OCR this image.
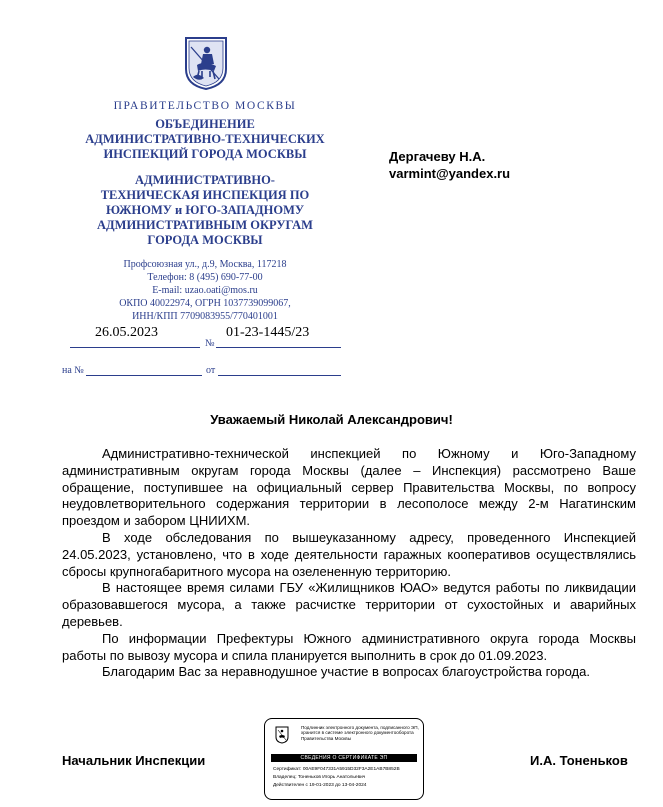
ПРАВИТЕЛЬСТВО МОСКВЫ
ОБЪЕДИНЕНИЕ
АДМИНИСТРАТИВНО-ТЕХНИЧЕСКИХ
ИНСПЕКЦИЙ ГОРОДА МОСКВЫ
АДМИНИСТРАТИВНО-
ТЕХНИЧЕСКАЯ ИНСПЕКЦИЯ ПО
ЮЖНОМУ и ЮГО-ЗАПАДНОМУ
АДМИНИСТРАТИВНЫМ ОКРУГАМ
ГОРОДА МОСКВЫ
Профсоюзная ул., д.9, Москва, 117218
Телефон: 8 (495) 690-77-00
E-mail: uzao.oati@mos.ru
ОКПО 40022974, ОГРН 1037739099067,
ИНН/КПП 7709083955/770401001
26.05.2023	01-23-1445/23
№
на №	от
Дергачеву Н.А.
varmint@yandex.ru
Уважаемый Николай Александрович!

Административно-технической инспекцией по Южному и Юго-Западному административным округам города Москвы (далее – Инспекция) рассмотрено Ваше обращение, поступившее на официальный сервер Правительства Москвы, по вопросу неудовлетворительного содержания территории в лесополосе между 2-м Нагатинским проездом и забором ЦНИИХМ.

В ходе обследования по вышеуказанному адресу, проведенного Инспекцией 24.05.2023, установлено, что в ходе деятельности гаражных кооперативов осуществлялись сбросы крупногабаритного мусора на озелененную территорию.

В настоящее время силами ГБУ «Жилищников ЮАО» ведутся работы по ликвидации образовавшегося мусора, а также расчистке территории от сухостойных и аварийных деревьев.

По информации Префектуры Южного административного округа города Москвы работы по вывозу мусора и спила планируется выполнить в срок до 01.09.2023.

Благодарим Вас за неравнодушное участие в вопросах благоустройства города.

Начальник Инспекции	И.А. Тоненьков
Подлинник электронного документа, подписанного ЭП,
хранится в системе электронного документооборота
Правительства Москвы
СВЕДЕНИЯ О СЕРТИФИКАТЕ ЭП
Сертификат: 00AE9F047331A5915D32F3A2E1AB7B852B
Владелец: Тоненьков Игорь Анатольевич
Действителен с 19-01-2023 до 13-04-2024
